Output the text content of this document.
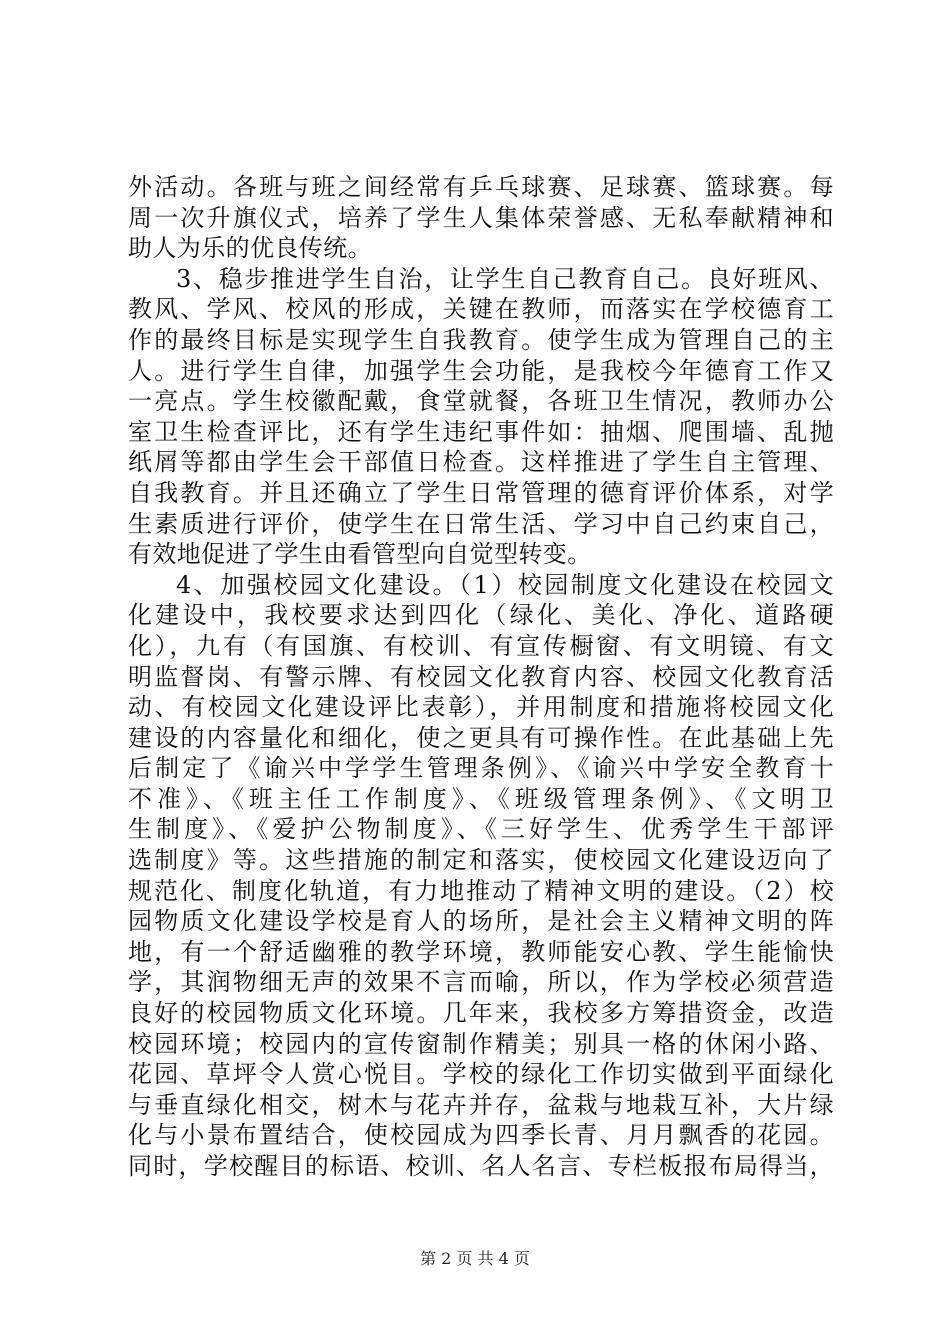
外活动。各班与班之间经常有乒乓球赛、足球赛、篮球赛。每
周一次升旗仪式，培养了学生人集体荣誉感、无私奉献精神和
助人为乐的优良传统。
3、稳步推进学生自治，让学生自己教育自己。良好班风、
教风、学风、校风的形成，关键在教师，而落实在学校德育工
作的最终目标是实现学生自我教育。使学生成为管理自己的主
人。进行学生自律，加强学生会功能，是我校今年德育工作又
一亮点。学生校徽配戴，食堂就餐，各班卫生情况，教师办公
室卫生检查评比，还有学生违纪事件如：抽烟、爬围墙、乱抛
纸屑等都由学生会干部值日检查。这样推进了学生自主管理、
自我教育。并且还确立了学生日常管理的德育评价体系，对学
生素质进行评价，使学生在日常生活、学习中自己约束自己，
有效地促进了学生由看管型向自觉型转变。
4、加强校园文化建设。（1）校园制度文化建设在校园文
化建设中，我校要求达到四化（绿化、美化、净化、道路硬
化），九有（有国旗、有校训、有宣传橱窗、有文明镜、有文
明监督岗、有警示牌、有校园文化教育内容、校园文化教育活
动、有校园文化建设评比表彰），并用制度和措施将校园文化
建设的内容量化和细化，使之更具有可操作性。在此基础上先
后制定了《谕兴中学学生管理条例》、《谕兴中学安全教育十
不准》、《班主任工作制度》、《班级管理条例》、《文明卫
生制度》、《爱护公物制度》、《三好学生、优秀学生干部评
选制度》等。这些措施的制定和落实，使校园文化建设迈向了
规范化、制度化轨道，有力地推动了精神文明的建设。（2）校
园物质文化建设学校是育人的场所，是社会主义精神文明的阵
地，有一个舒适幽雅的教学环境，教师能安心教、学生能愉快
学，其润物细无声的效果不言而喻，所以，作为学校必须营造
良好的校园物质文化环境。几年来，我校多方筹措资金，改造
校园环境；校园内的宣传窗制作精美；别具一格的休闲小路、
花园、草坪令人赏心悦目。学校的绿化工作切实做到平面绿化
与垂直绿化相交，树木与花卉并存，盆栽与地栽互补，大片绿
化与小景布置结合，使校园成为四季长青、月月飘香的花园。
同时，学校醒目的标语、校训、名人名言、专栏板报布局得当，
第 2 页 共 4 页
